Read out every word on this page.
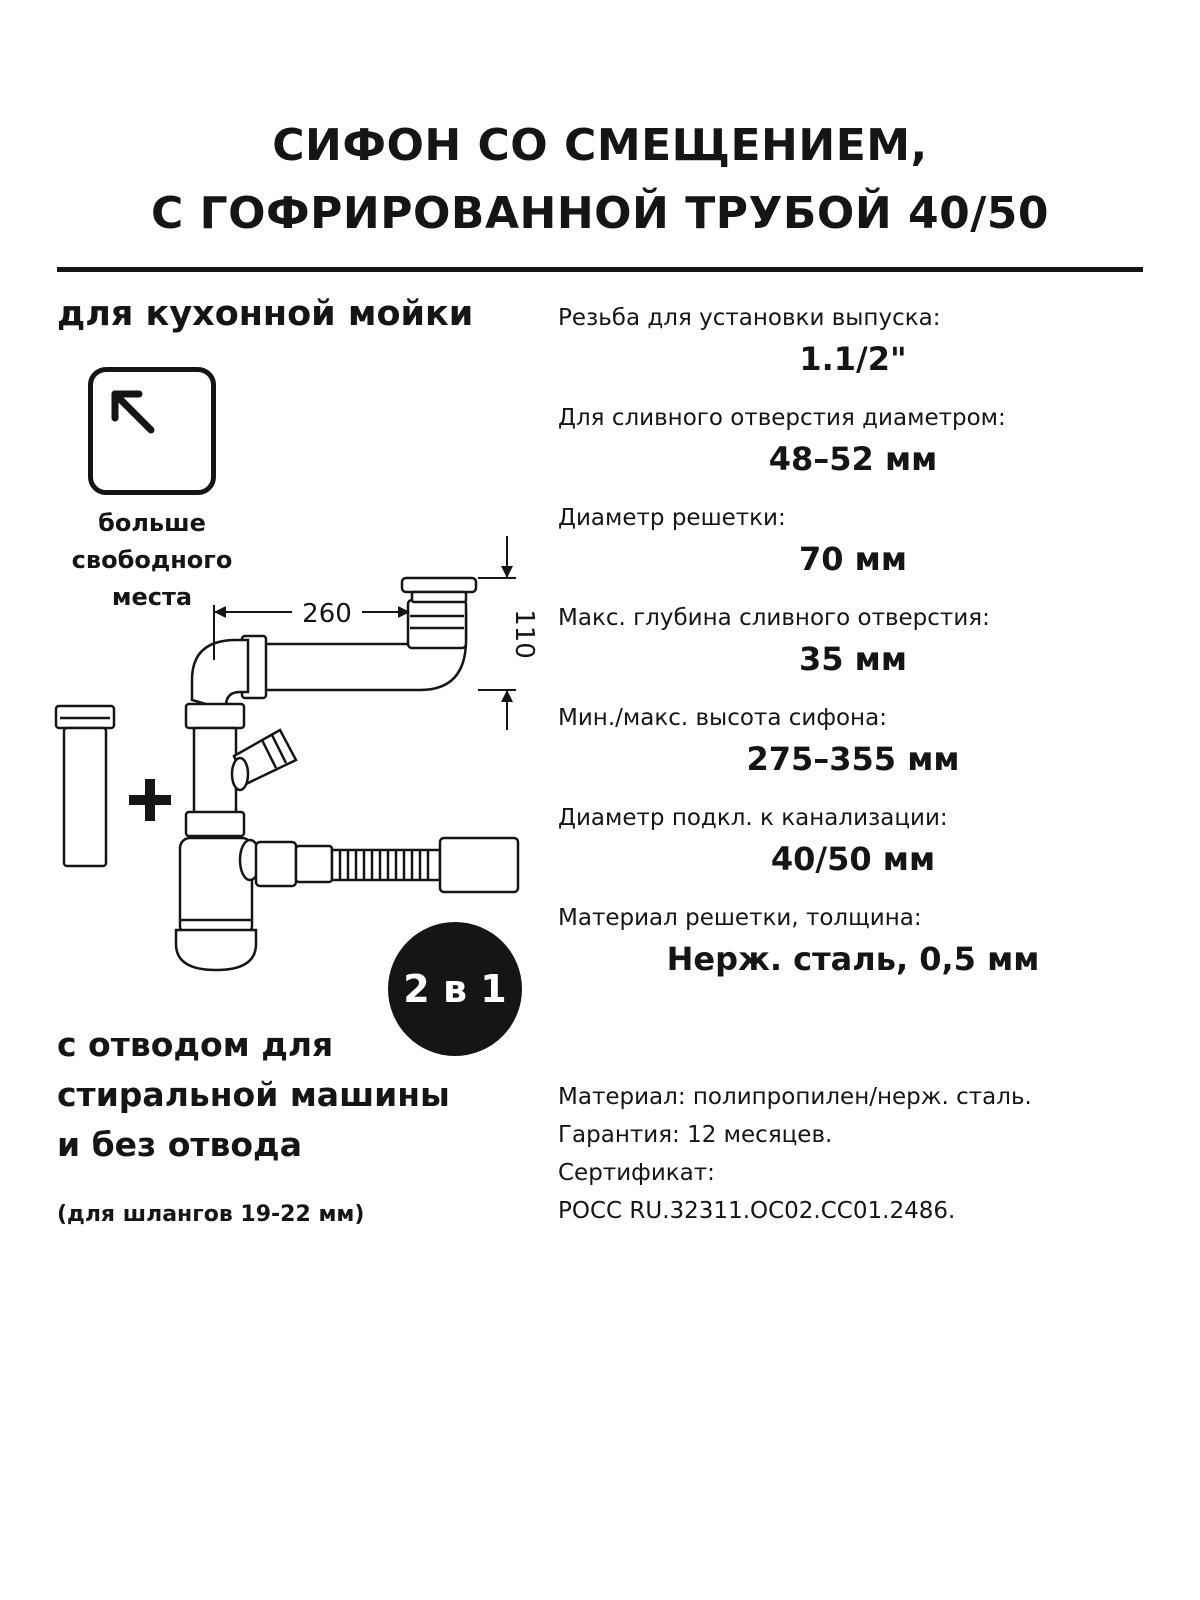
СИФОН СО СМЕЩЕНИЕМ,
С ГОФРИРОВАННОЙ ТРУБОЙ 40/50
для кухонной мойки
больше
свободного
места
260	110
2 в 1
с отводом для
стиральной машины
и без отвода
(для шлангов 19-22 мм)
Резьба для установки выпуска:
1.1/2"
Для сливного отверстия диаметром:
48–52 мм
Диаметр решетки:
70 мм
Макс. глубина сливного отверстия:
35 мм
Мин./макс. высота сифона:
275–355 мм
Диаметр подкл. к канализации:
40/50 мм
Материал решетки, толщина:
Нерж. сталь, 0,5 мм
Материал: полипропилен/нерж. сталь.
Гарантия: 12 месяцев.
Сертификат:
РОСС RU.32311.ОС02.СС01.2486.
